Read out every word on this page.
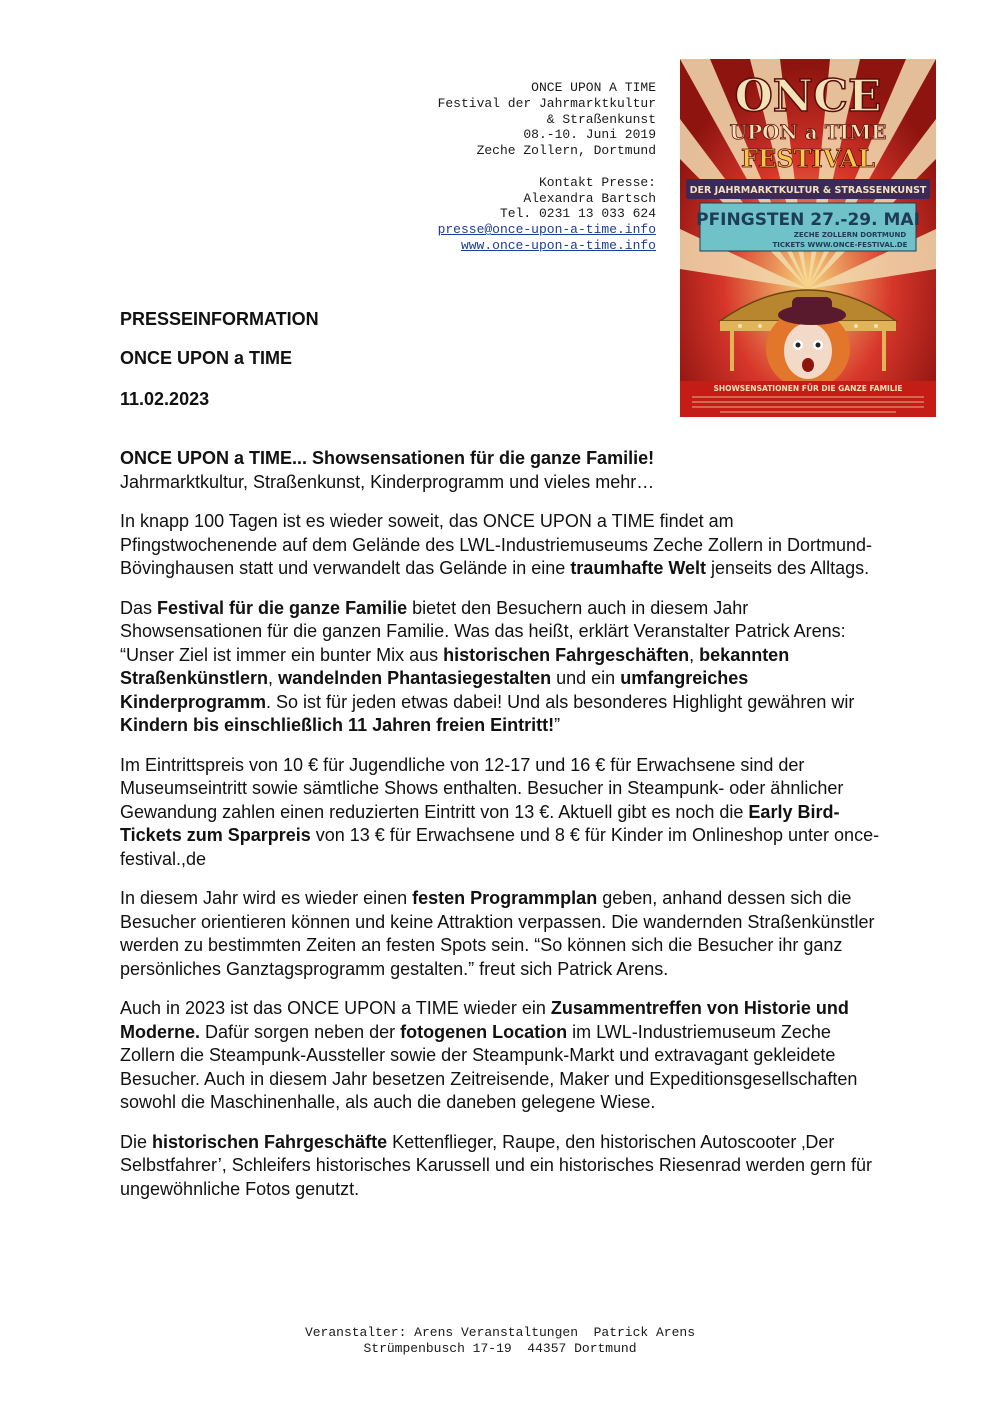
ONCE UPON A TIME
Festival der Jahrmarktkultur
& Straßenkunst
08.-10. Juni 2019
Zeche Zollern, Dortmund
Kontakt Presse:
Alexandra Bartsch
Tel. 0231 13 033 624
presse@once-upon-a-time.info
www.once-upon-a-time.info
ONCE
UPON a TIME
FESTIVAL
DER JAHRMARKTKULTUR & STRASSENKUNST
PFINGSTEN 27.-29. MAI
ZECHE ZOLLERN DORTMUND
TICKETS WWW.ONCE-FESTIVAL.DE
SHOWSENSATIONEN FÜR DIE GANZE FAMILIE
PRESSEINFORMATION
ONCE UPON a TIME
11.02.2023
ONCE UPON a TIME... Showsensationen für die ganze Familie!
Jahrmarktkultur, Straßenkunst, Kinderprogramm und vieles mehr…

In knapp 100 Tagen ist es wieder soweit, das ONCE UPON a TIME findet am Pfingstwochenende auf dem Gelände des LWL-Industriemuseums Zeche Zollern in Dortmund-Bövinghausen statt und verwandelt das Gelände in eine traumhafte Welt jenseits des Alltags.

Das Festival für die ganze Familie bietet den Besuchern auch in diesem Jahr Showsensationen für die ganzen Familie. Was das heißt, erklärt Veranstalter Patrick Arens: “Unser Ziel ist immer ein bunter Mix aus historischen Fahrgeschäften, bekannten Straßenkünstlern, wandelnden Phantasiegestalten und ein umfangreiches Kinderprogramm. So ist für jeden etwas dabei! Und als besonderes Highlight gewähren wir Kindern bis einschließlich 11 Jahren freien Eintritt!”

Im Eintrittspreis von 10 € für Jugendliche von 12-17 und 16 € für Erwachsene sind der Museumseintritt sowie sämtliche Shows enthalten. Besucher in Steampunk- oder ähnlicher Gewandung zahlen einen reduzierten Eintritt von 13 €. Aktuell gibt es noch die Early Bird-Tickets zum Sparpreis von 13 € für Erwachsene und 8 € für Kinder im Onlineshop unter once-festival.,de

In diesem Jahr wird es wieder einen festen Programmplan geben, anhand dessen sich die Besucher orientieren können und keine Attraktion verpassen. Die wandernden Straßenkünstler werden zu bestimmten Zeiten an festen Spots sein. “So können sich die Besucher ihr ganz persönliches Ganztagsprogramm gestalten.” freut sich Patrick Arens.

Auch in 2023 ist das ONCE UPON a TIME wieder ein Zusammentreffen von Historie und Moderne. Dafür sorgen neben der fotogenen Location im LWL-Industriemuseum Zeche Zollern die Steampunk-Aussteller sowie der Steampunk-Markt und extravagant gekleidete Besucher. Auch in diesem Jahr besetzen Zeitreisende, Maker und Expeditionsgesellschaften sowohl die Maschinenhalle, als auch die daneben gelegene Wiese.

Die historischen Fahrgeschäfte Kettenflieger, Raupe, den historischen Autoscooter ‚Der Selbstfahrer’, Schleifers historisches Karussell und ein historisches Riesenrad werden gern für ungewöhnliche Fotos genutzt.

Veranstalter: Arens Veranstaltungen  Patrick Arens
Strümpenbusch 17-19  44357 Dortmund
